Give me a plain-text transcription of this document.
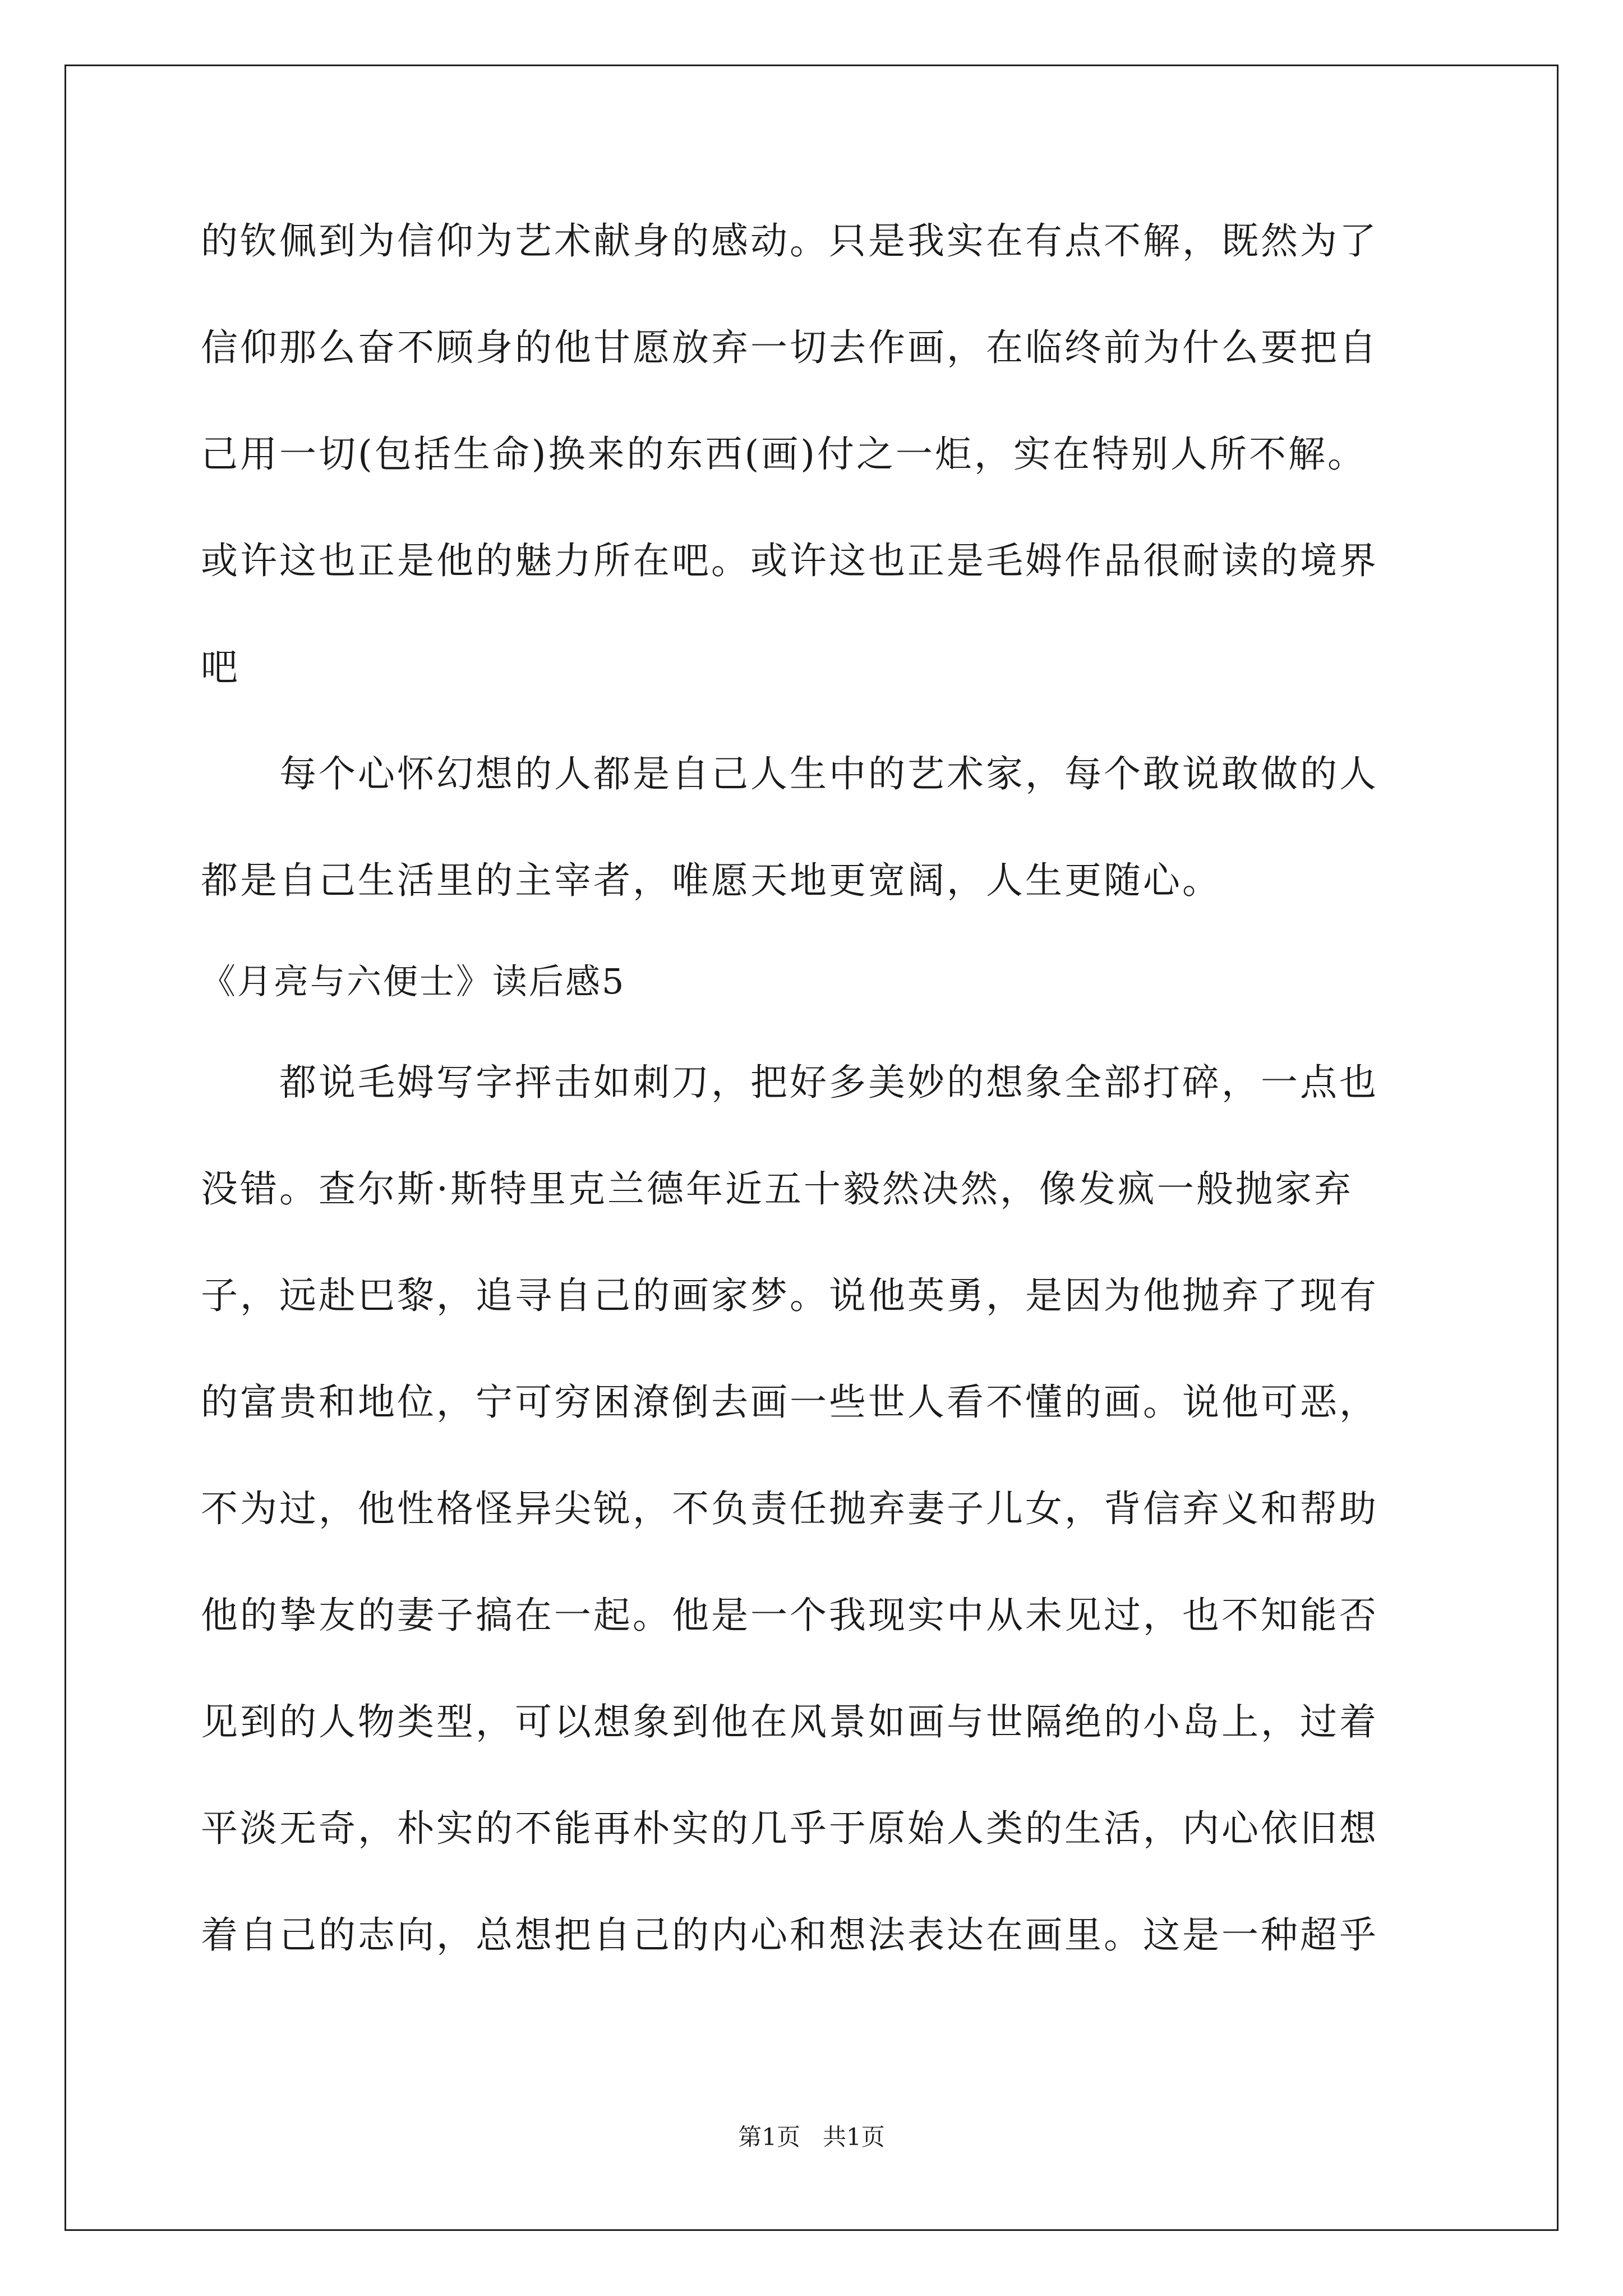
的钦佩到为信仰为艺术献身的感动。只是我实在有点不解，既然为了
信仰那么奋不顾身的他甘愿放弃一切去作画，在临终前为什么要把自
己用一切(包括生命)换来的东西(画)付之一炬，实在特别人所不解。
或许这也正是他的魅力所在吧。或许这也正是毛姆作品很耐读的境界
吧
每个心怀幻想的人都是自己人生中的艺术家，每个敢说敢做的人
都是自己生活里的主宰者，唯愿天地更宽阔，人生更随心。
《月亮与六便士》读后感5
都说毛姆写字抨击如刺刀，把好多美妙的想象全部打碎，一点也
没错。查尔斯·斯特里克兰德年近五十毅然决然，像发疯一般抛家弃
子，远赴巴黎，追寻自己的画家梦。说他英勇，是因为他抛弃了现有
的富贵和地位，宁可穷困潦倒去画一些世人看不懂的画。说他可恶，
不为过，他性格怪异尖锐，不负责任抛弃妻子儿女，背信弃义和帮助
他的挚友的妻子搞在一起。他是一个我现实中从未见过，也不知能否
见到的人物类型，可以想象到他在风景如画与世隔绝的小岛上，过着
平淡无奇，朴实的不能再朴实的几乎于原始人类的生活，内心依旧想
着自己的志向，总想把自己的内心和想法表达在画里。这是一种超乎
第1页   共1页
